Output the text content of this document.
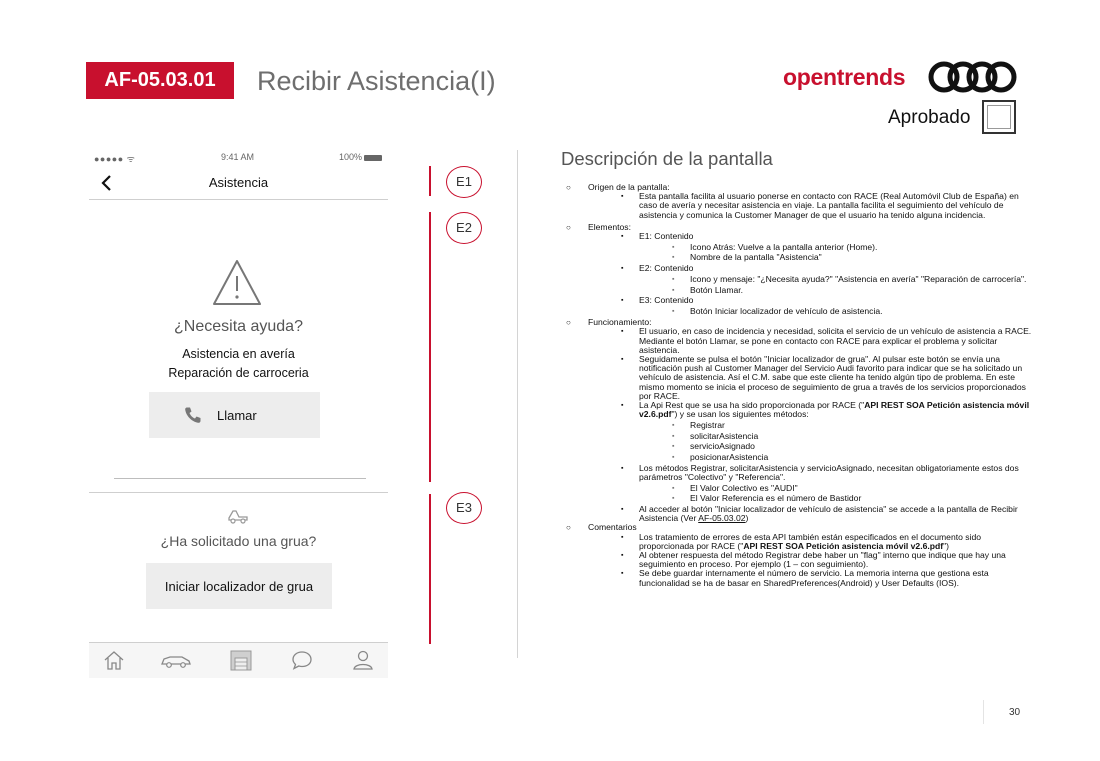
AF-05.03.01	Recibir Asistencia(I)	opentrends
Aprobado
●●●●● ᯤ	9:41 AM	100%
Asistencia
¿Necesita ayuda?
Asistencia en avería
Reparación de carroceria
Llamar
¿Ha solicitado una grua?
Iniciar localizador de grua
E1
E2
E3
Descripción de la pantalla
○ Origen de la pantalla:
▪ Esta pantalla facilita al usuario ponerse en contacto con RACE (Real Automóvil Club de España) en caso de avería y necesitar asistencia en viaje. La pantalla facilita el seguimiento del vehículo de asistencia y comunica la Customer Manager de que el usuario ha tenido alguna incidencia.
○ Elementos:
▪ E1: Contenido
▪ Icono Atrás: Vuelve a la pantalla anterior (Home).
▪ Nombre de la pantalla "Asistencia"
▪ E2: Contenido
▪ Icono y mensaje: "¿Necesita ayuda?" "Asistencia en avería" "Reparación de carrocería".
▪ Botón Llamar.
▪ E3: Contenido
▪ Botón Iniciar localizador de vehículo de asistencia.
○ Funcionamiento:
▪ El usuario, en caso de incidencia y necesidad, solicita el servicio de un vehículo de asistencia a RACE. Mediante el botón Llamar, se pone en contacto con RACE para explicar el problema y solicitar asistencia.
▪ Seguidamente se pulsa el botón "Iniciar localizador de grua". Al pulsar este botón se envía una notificación push al Customer Manager del Servicio Audi favorito para indicar que se ha solicitado un vehículo de asistencia. Así el C.M. sabe que este cliente ha tenido algún tipo de problema. En este mismo momento se inicia el proceso de seguimiento de grua a través de los servicios proporcionados por RACE.
▪ La Api Rest que se usa ha sido proporcionada por RACE ("API REST SOA Petición asistencia móvil v2.6.pdf") y se usan los siguientes métodos:
▪ Registrar
▪ solicitarAsistencia
▪ servicioAsignado
▪ posicionarAsistencia
▪ Los métodos Registrar, solicitarAsistencia y servicioAsignado, necesitan obligatoriamente estos dos parámetros "Colectivo" y "Referencia".
▪ El Valor Colectivo es "AUDI"
▪ El Valor Referencia es el número de Bastidor
▪ Al acceder al botón "Iniciar localizador de vehículo de asistencia" se accede a la pantalla de Recibir Asistencia (Ver AF-05.03.02)
○ Comentarios
▪ Los tratamiento de errores de esta API también están especificados en el documento sido proporcionada por RACE ("API REST SOA Petición asistencia móvil v2.6.pdf")
▪ Al obtener respuesta del método Registrar debe haber un "flag" interno que indique que hay una seguimiento en proceso. Por ejemplo (1 – con seguimiento).
▪ Se debe guardar internamente el número de servicio. La memoria interna que gestiona esta funcionalidad se ha de basar en SharedPreferences(Android) y User Defaults (IOS).
30
